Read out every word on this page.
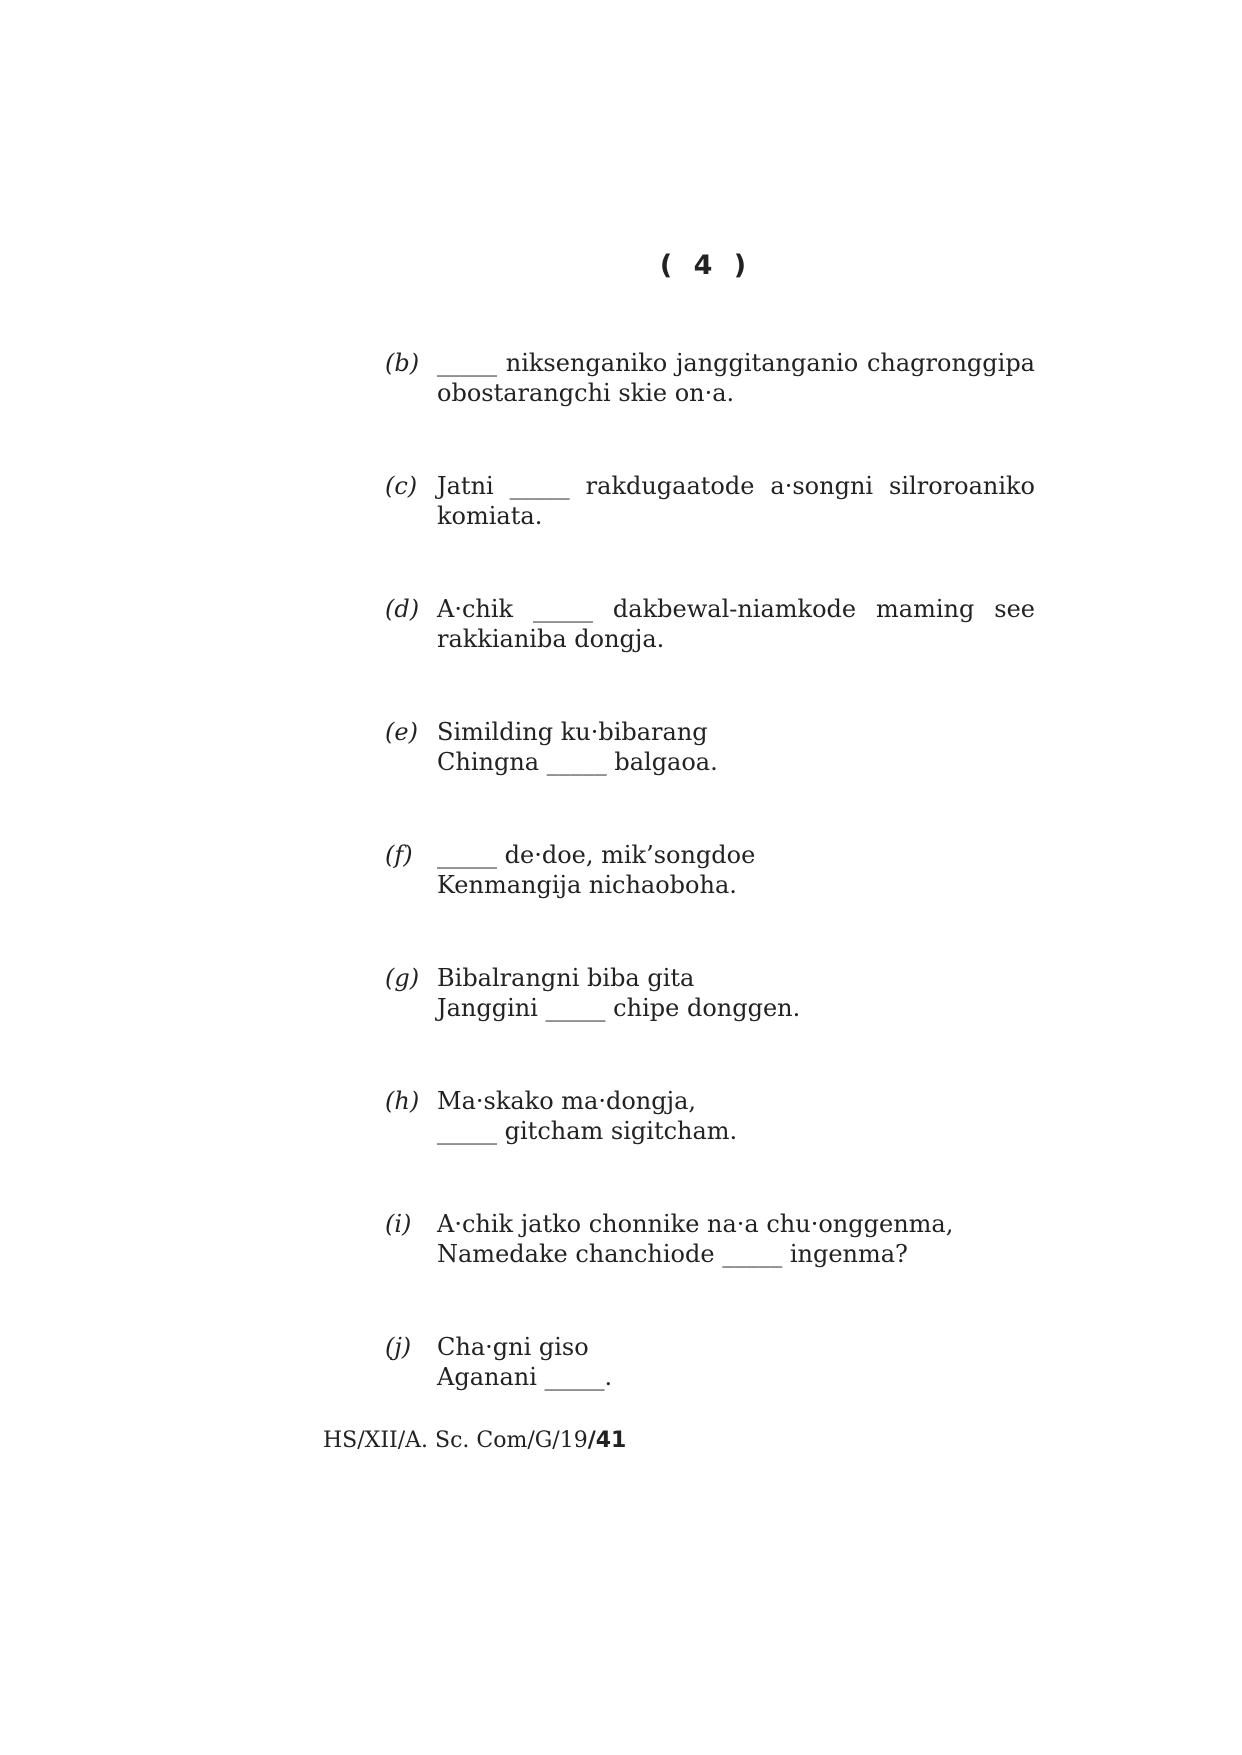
( 4 )
(b) _____ niksenganiko janggitanganio chagronggipa
obostarangchi skie on·a.
(c) Jatni _____ rakdugaatode a·songni silroroaniko
komiata.
(d) A·chik _____ dakbewal-niamkode maming see
rakkianiba dongja.
(e) Similding ku·bibarang
Chingna _____ balgaoa.
(f)	_____ de·doe, mik’songdoe
Kenmangija nichaoboha.
(g) Bibalrangni biba gita
Janggini _____ chipe donggen.
(h) Ma·skako ma·dongja,
_____ gitcham sigitcham.
(i)	A·chik jatko chonnike na·a chu·onggenma,
Namedake chanchiode _____ ingenma?
(j)	Cha·gni giso
Aganani _____.
HS/XII/A. Sc. Com/G/19/41
